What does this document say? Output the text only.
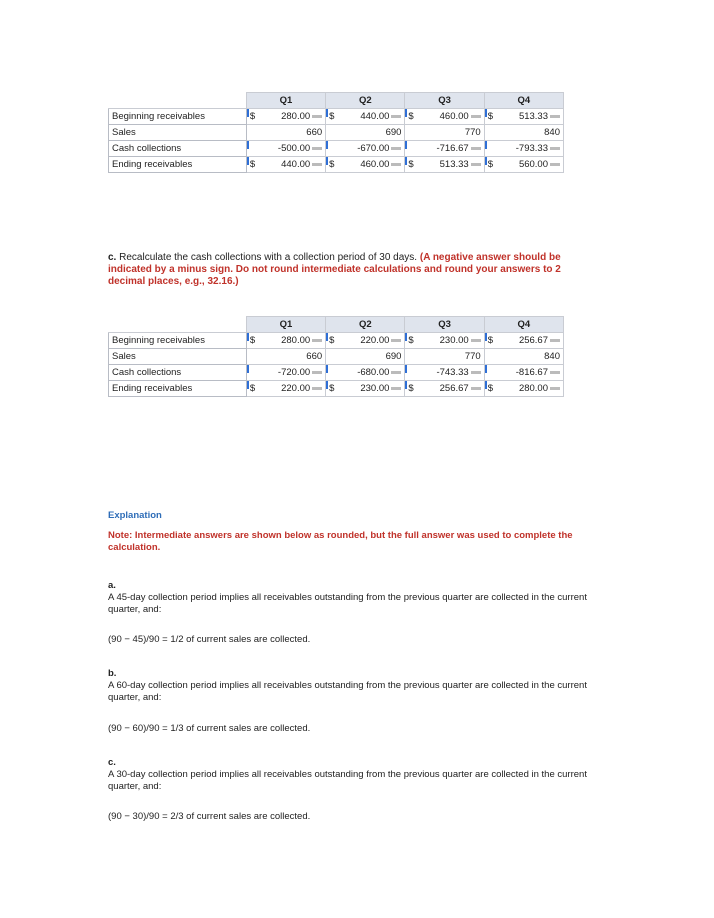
	Q1	Q2	Q3	Q4
Beginning receivables	$ 280.00	$ 440.00	$ 460.00	$ 513.33
Sales	660	690	770	840
Cash collections	-500.00	-670.00	-716.67	-793.33
Ending receivables	$ 440.00	$ 460.00	$ 513.33	$ 560.00
c. Recalculate the cash collections with a collection period of 30 days. (A negative answer should be indicated by a minus sign. Do not round intermediate calculations and round your answers to 2 decimal places, e.g., 32.16.)
	Q1	Q2	Q3	Q4
Beginning receivables	$ 280.00	$ 220.00	$ 230.00	$ 256.67
Sales	660	690	770	840
Cash collections	-720.00	-680.00	-743.33	-816.67
Ending receivables	$ 220.00	$ 230.00	$ 256.67	$ 280.00
Explanation
Note: Intermediate answers are shown below as rounded, but the full answer was used to complete the calculation.
a.
A 45-day collection period implies all receivables outstanding from the previous quarter are collected in the current quarter, and:
(90 − 45)/90 = 1/2 of current sales are collected.
b.
A 60-day collection period implies all receivables outstanding from the previous quarter are collected in the current quarter, and:
(90 − 60)/90 = 1/3 of current sales are collected.
c.
A 30-day collection period implies all receivables outstanding from the previous quarter are collected in the current quarter, and:
(90 − 30)/90 = 2/3 of current sales are collected.
